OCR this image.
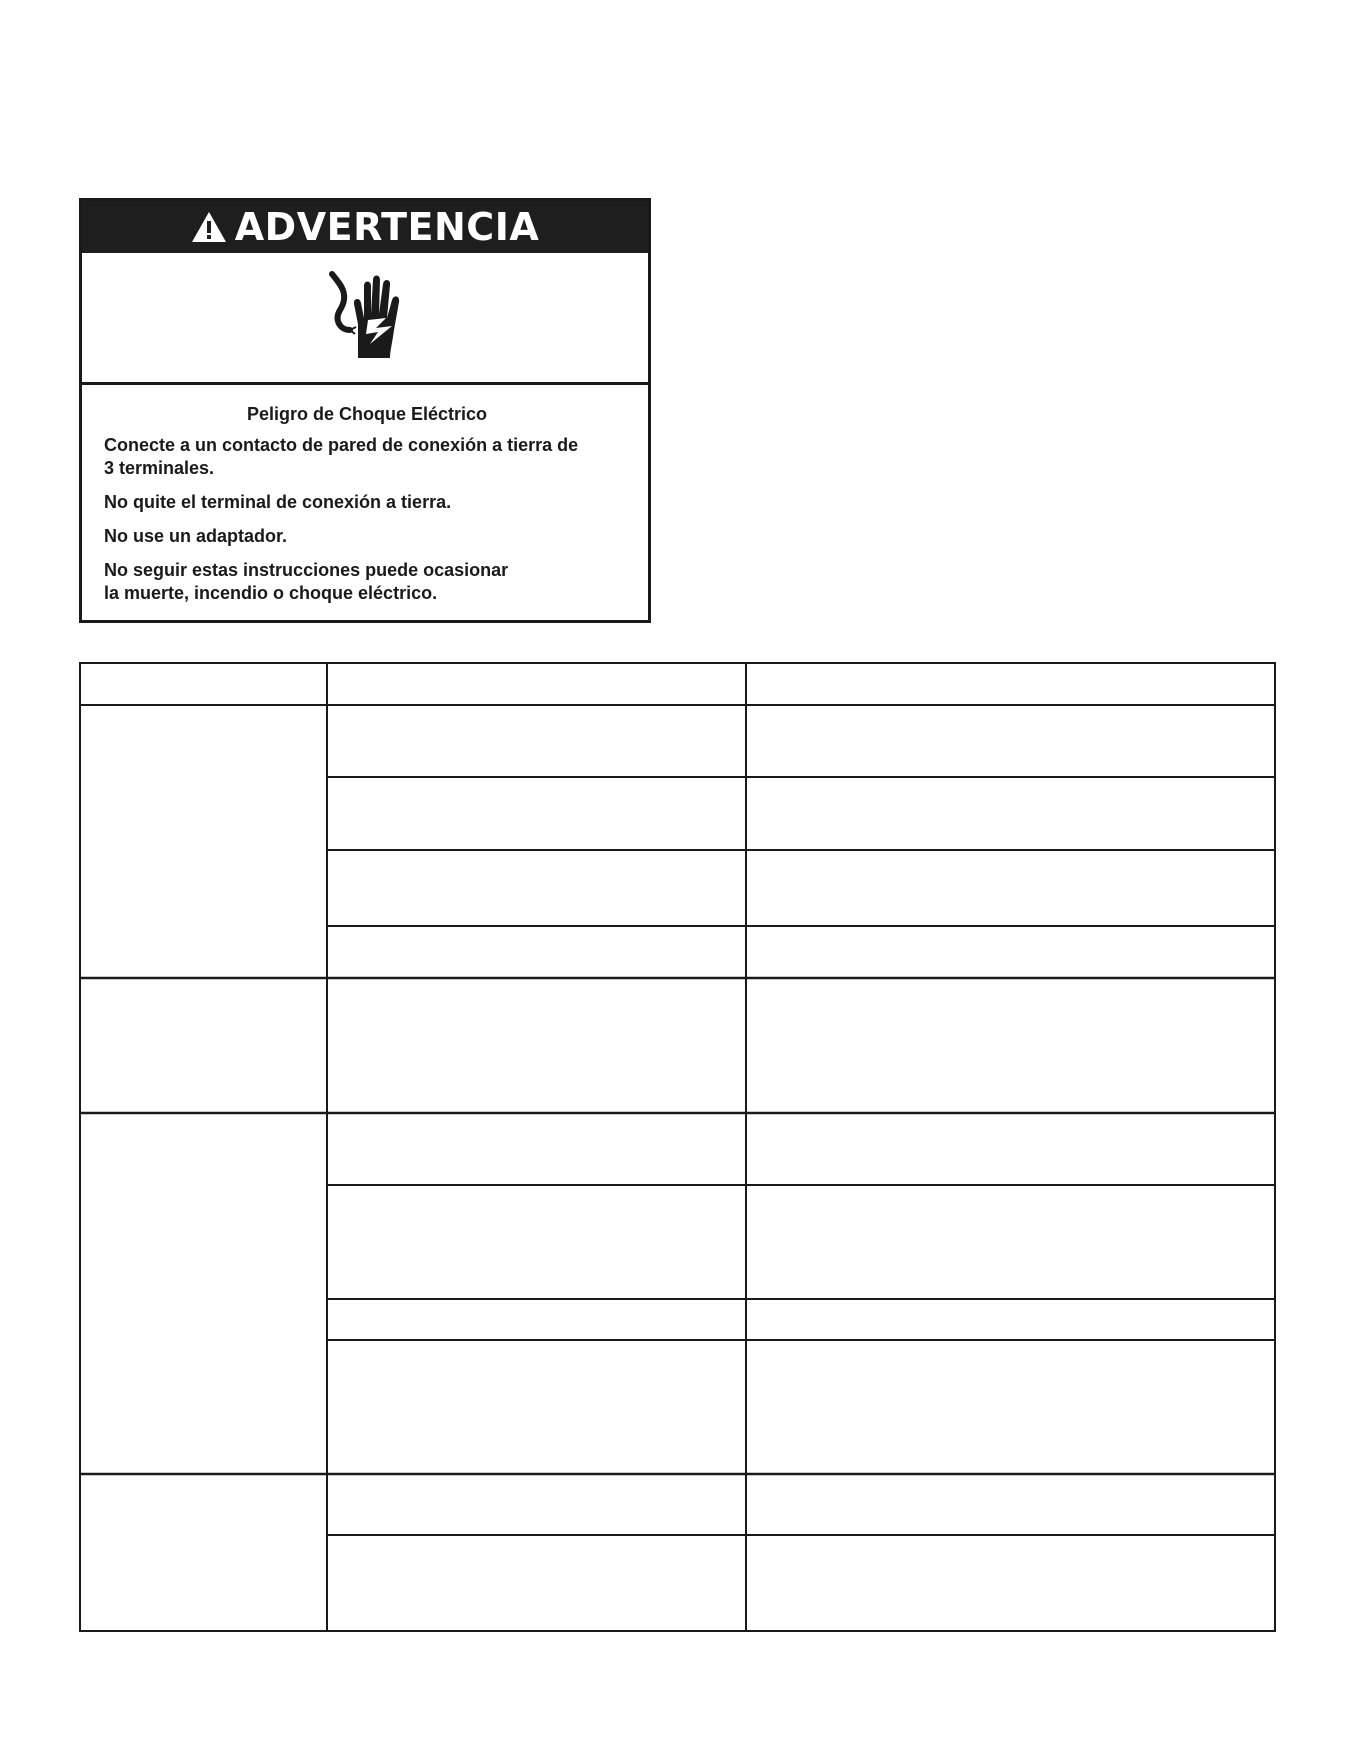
ADVERTENCIA
Peligro de Choque Eléctrico

Conecte a un contacto de pared de conexión a tierra de
3 terminales.

No quite el terminal de conexión a tierra.

No use un adaptador.

No seguir estas instrucciones puede ocasionar
la muerte, incendio o choque eléctrico.
